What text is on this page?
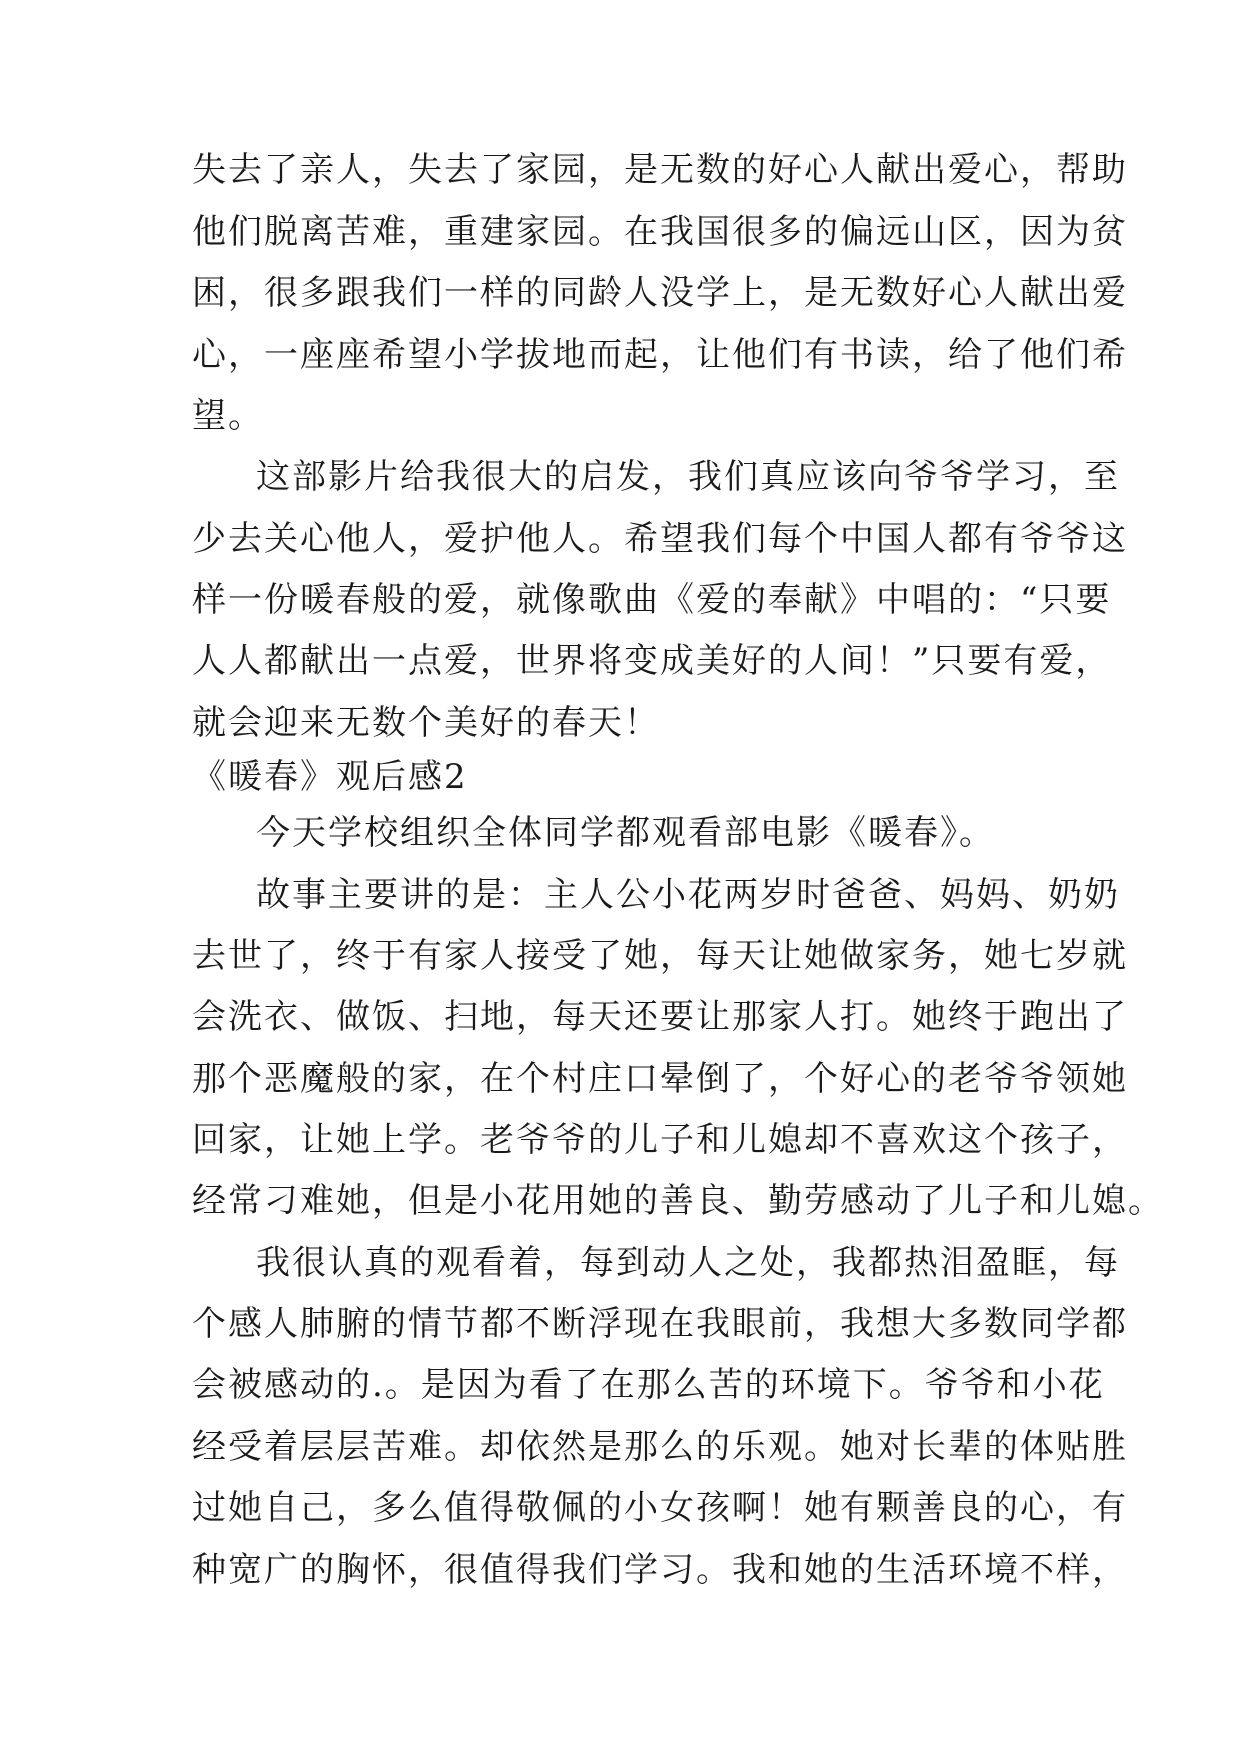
失去了亲人，失去了家园，是无数的好心人献出爱心，帮助
他们脱离苦难，重建家园。在我国很多的偏远山区，因为贫
困，很多跟我们一样的同龄人没学上，是无数好心人献出爱
心，一座座希望小学拔地而起，让他们有书读，给了他们希
望。
这部影片给我很大的启发，我们真应该向爷爷学习，至
少去关心他人，爱护他人。希望我们每个中国人都有爷爷这
样一份暖春般的爱，就像歌曲《爱的奉献》中唱的：“只要
人人都献出一点爱，世界将变成美好的人间！”只要有爱，
就会迎来无数个美好的春天！
《暖春》观后感2
今天学校组织全体同学都观看部电影《暖春》。
故事主要讲的是：主人公小花两岁时爸爸、妈妈、奶奶
去世了，终于有家人接受了她，每天让她做家务，她七岁就
会洗衣、做饭、扫地，每天还要让那家人打。她终于跑出了
那个恶魔般的家，在个村庄口晕倒了，个好心的老爷爷领她
回家，让她上学。老爷爷的儿子和儿媳却不喜欢这个孩子，
经常刁难她，但是小花用她的善良、勤劳感动了儿子和儿媳。
我很认真的观看着，每到动人之处，我都热泪盈眶，每
个感人肺腑的情节都不断浮现在我眼前，我想大多数同学都
会被感动的.。是因为看了在那么苦的环境下。爷爷和小花
经受着层层苦难。却依然是那么的乐观。她对长辈的体贴胜
过她自己，多么值得敬佩的小女孩啊！她有颗善良的心，有
种宽广的胸怀，很值得我们学习。我和她的生活环境不样，
